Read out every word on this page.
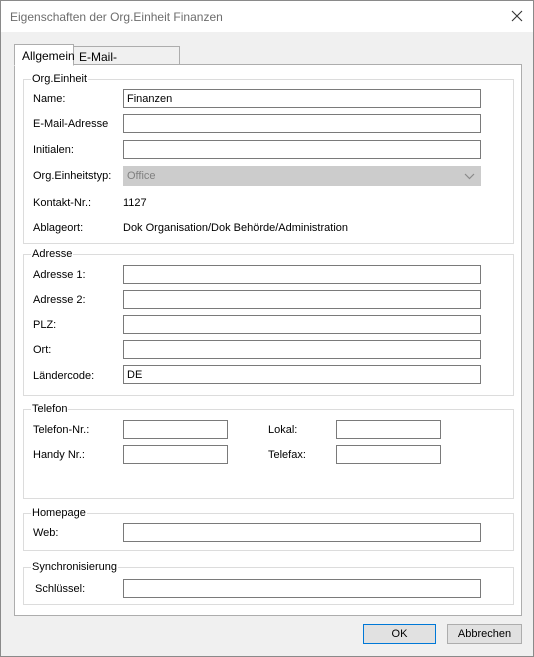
Eigenschaften der Org.Einheit Finanzen
Allgemein E-Mail-
Org.Einheit
Name:
Finanzen
E-Mail-Adresse
Initialen:
Org.Einheitstyp:	Office
Kontakt-Nr.:	1127
Ablageort:	Dok Organisation/Dok Behörde/Administration
Adresse
Adresse 1:
Adresse 2:
PLZ:
Ort:
Ländercode:
DE
Telefon
Telefon-Nr.:	Lokal:
Handy Nr.:	Telefax:
Homepage
Web:
Synchronisierung
Schlüssel:
OK	Abbrechen
